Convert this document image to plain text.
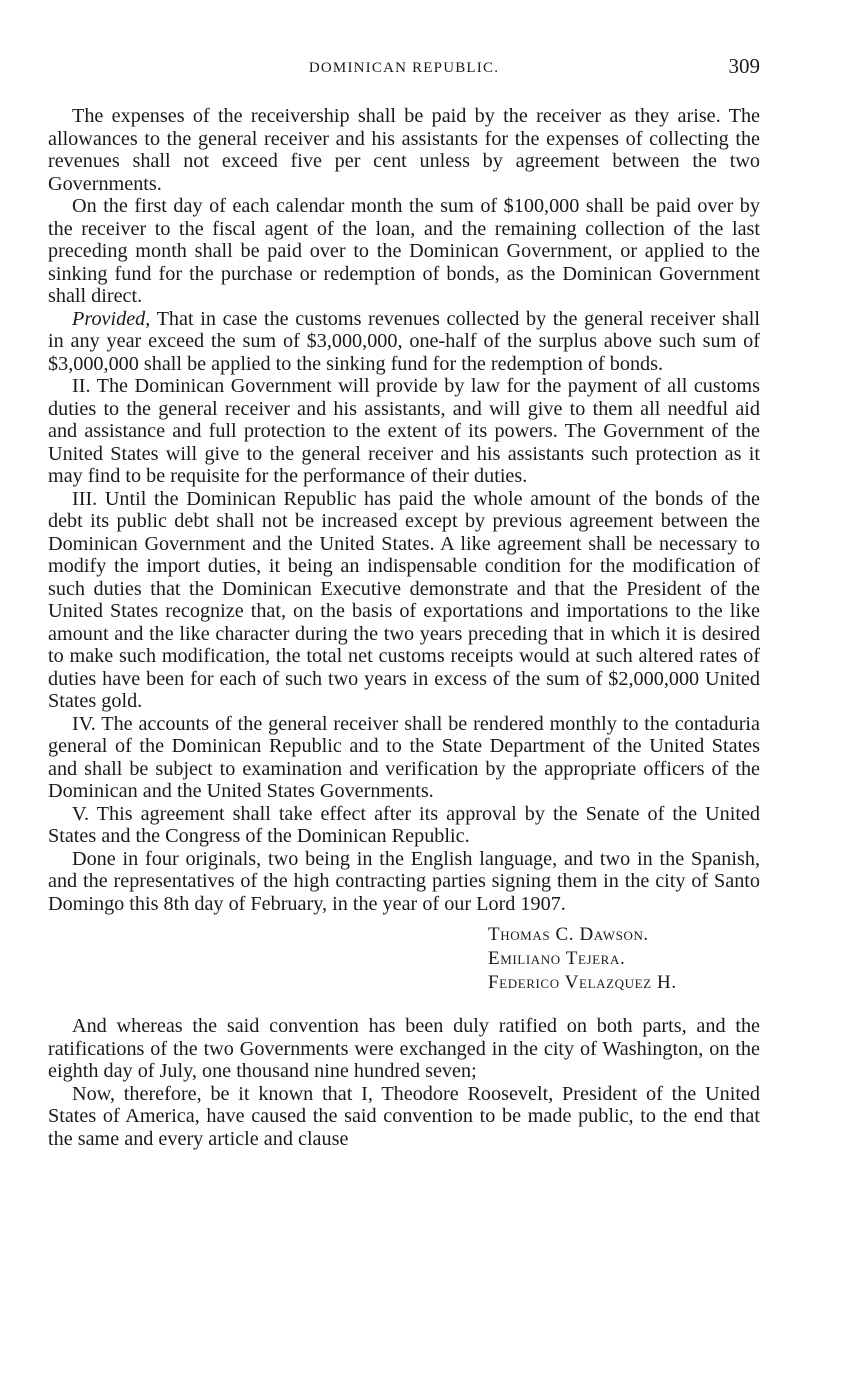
DOMINICAN REPUBLIC.	309

The expenses of the receivership shall be paid by the receiver as they arise. The allowances to the general receiver and his assistants for the expenses of collecting the revenues shall not exceed five per cent unless by agreement between the two Governments.

On the first day of each calendar month the sum of $100,000 shall be paid over by the receiver to the fiscal agent of the loan, and the remaining collection of the last preceding month shall be paid over to the Dominican Government, or applied to the sinking fund for the purchase or redemption of bonds, as the Dominican Government shall direct.

Provided, That in case the customs revenues collected by the general receiver shall in any year exceed the sum of $3,000,000, one-half of the surplus above such sum of $3,000,000 shall be applied to the sinking fund for the redemption of bonds.

II. The Dominican Government will provide by law for the payment of all customs duties to the general receiver and his assistants, and will give to them all needful aid and assistance and full protection to the extent of its powers. The Government of the United States will give to the general receiver and his assistants such protection as it may find to be requisite for the performance of their duties.

III. Until the Dominican Republic has paid the whole amount of the bonds of the debt its public debt shall not be increased except by previous agreement between the Dominican Government and the United States. A like agreement shall be necessary to modify the import duties, it being an indispensable condition for the modification of such duties that the Dominican Executive demonstrate and that the President of the United States recognize that, on the basis of exportations and importations to the like amount and the like character during the two years preceding that in which it is desired to make such modification, the total net customs receipts would at such altered rates of duties have been for each of such two years in excess of the sum of $2,000,000 United States gold.

IV. The accounts of the general receiver shall be rendered monthly to the contaduria general of the Dominican Republic and to the State Department of the United States and shall be subject to examination and verification by the appropriate officers of the Dominican and the United States Governments.

V. This agreement shall take effect after its approval by the Senate of the United States and the Congress of the Dominican Republic.

Done in four originals, two being in the English language, and two in the Spanish, and the representatives of the high contracting parties signing them in the city of Santo Domingo this 8th day of February, in the year of our Lord 1907.

Thomas C. Dawson.
Emiliano Tejera.
Federico Velazquez H.

And whereas the said convention has been duly ratified on both parts, and the ratifications of the two Governments were exchanged in the city of Washington, on the eighth day of July, one thousand nine hundred seven;

Now, therefore, be it known that I, Theodore Roosevelt, President of the United States of America, have caused the said convention to be made public, to the end that the same and every article and clause
